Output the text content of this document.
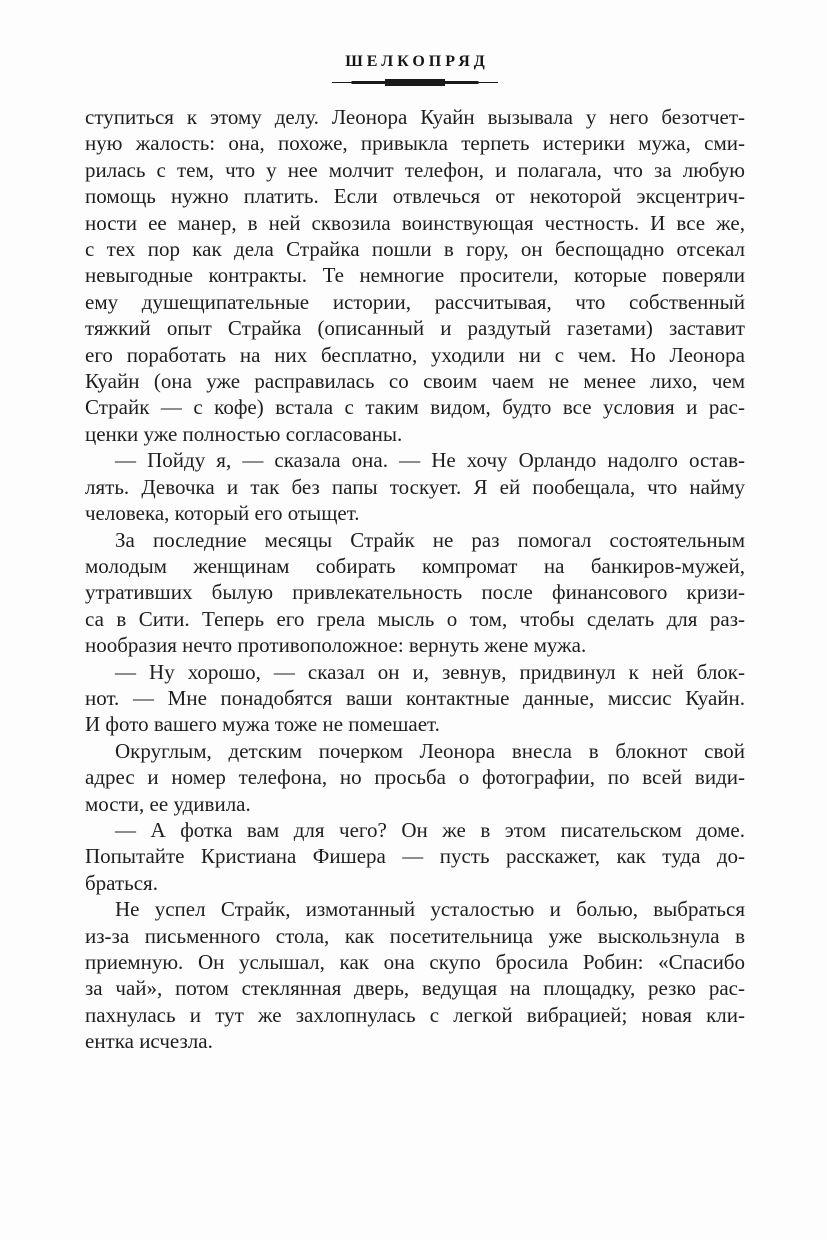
ШЕЛКОПРЯД

ступиться к этому делу. Леонора Куайн вызывала у него безотчет-
ную жалость: она, похоже, привыкла терпеть истерики мужа, сми-
рилась с тем, что у нее молчит телефон, и полагала, что за любую
помощь нужно платить. Если отвлечься от некоторой эксцентрич-
ности ее манер, в ней сквозила воинствующая честность. И все же,
с тех пор как дела Страйка пошли в гору, он беспощадно отсекал
невыгодные контракты. Те немногие просители, которые поверяли
ему душещипательные истории, рассчитывая, что собственный
тяжкий опыт Страйка (описанный и раздутый газетами) заставит
его поработать на них бесплатно, уходили ни с чем. Но Леонора
Куайн (она уже расправилась со своим чаем не менее лихо, чем
Страйк — с кофе) встала с таким видом, будто все условия и рас-
ценки уже полностью согласованы.

— Пойду я, — сказала она. — Не хочу Орландо надолго остав-
лять. Девочка и так без папы тоскует. Я ей пообещала, что найму
человека, который его отыщет.

За последние месяцы Страйк не раз помогал состоятельным
молодым женщинам собирать компромат на банкиров-мужей,
утративших былую привлекательность после финансового кризи-
са в Сити. Теперь его грела мысль о том, чтобы сделать для раз-
нообразия нечто противоположное: вернуть жене мужа.

— Ну хорошо, — сказал он и, зевнув, придвинул к ней блок-
нот. — Мне понадобятся ваши контактные данные, миссис Куайн.
И фото вашего мужа тоже не помешает.

Округлым, детским почерком Леонора внесла в блокнот свой
адрес и номер телефона, но просьба о фотографии, по всей види-
мости, ее удивила.

— А фотка вам для чего? Он же в этом писательском доме.
Попытайте Кристиана Фишера — пусть расскажет, как туда до-
браться.

Не успел Страйк, измотанный усталостью и болью, выбраться
из-за письменного стола, как посетительница уже выскользнула в
приемную. Он услышал, как она скупо бросила Робин: «Спасибо
за чай», потом стеклянная дверь, ведущая на площадку, резко рас-
пахнулась и тут же захлопнулась с легкой вибрацией; новая кли-
ентка исчезла.
